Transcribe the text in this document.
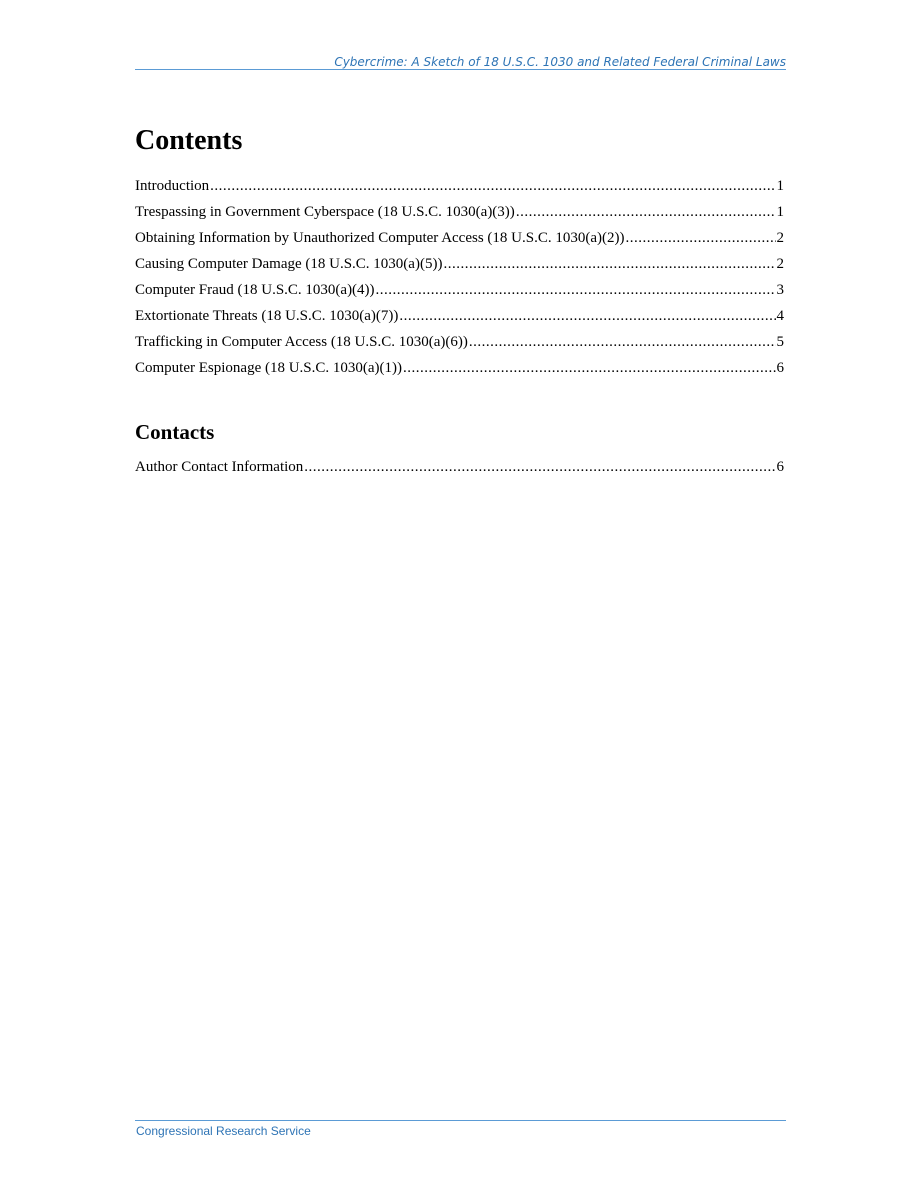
Cybercrime: A Sketch of 18 U.S.C. 1030 and Related Federal Criminal Laws
Contents
Introduction .....	1
Trespassing in Government Cyberspace (18 U.S.C. 1030(a)(3)) .....	1
Obtaining Information by Unauthorized Computer Access (18 U.S.C. 1030(a)(2)) .....	2
Causing Computer Damage (18 U.S.C. 1030(a)(5)) .....	2
Computer Fraud (18 U.S.C. 1030(a)(4)) .....	3
Extortionate Threats (18 U.S.C. 1030(a)(7)) .....	4
Trafficking in Computer Access (18 U.S.C. 1030(a)(6)) .....	5
Computer Espionage (18 U.S.C. 1030(a)(1)) .....	6
Contacts
Author Contact Information .....	6
Congressional Research Service
